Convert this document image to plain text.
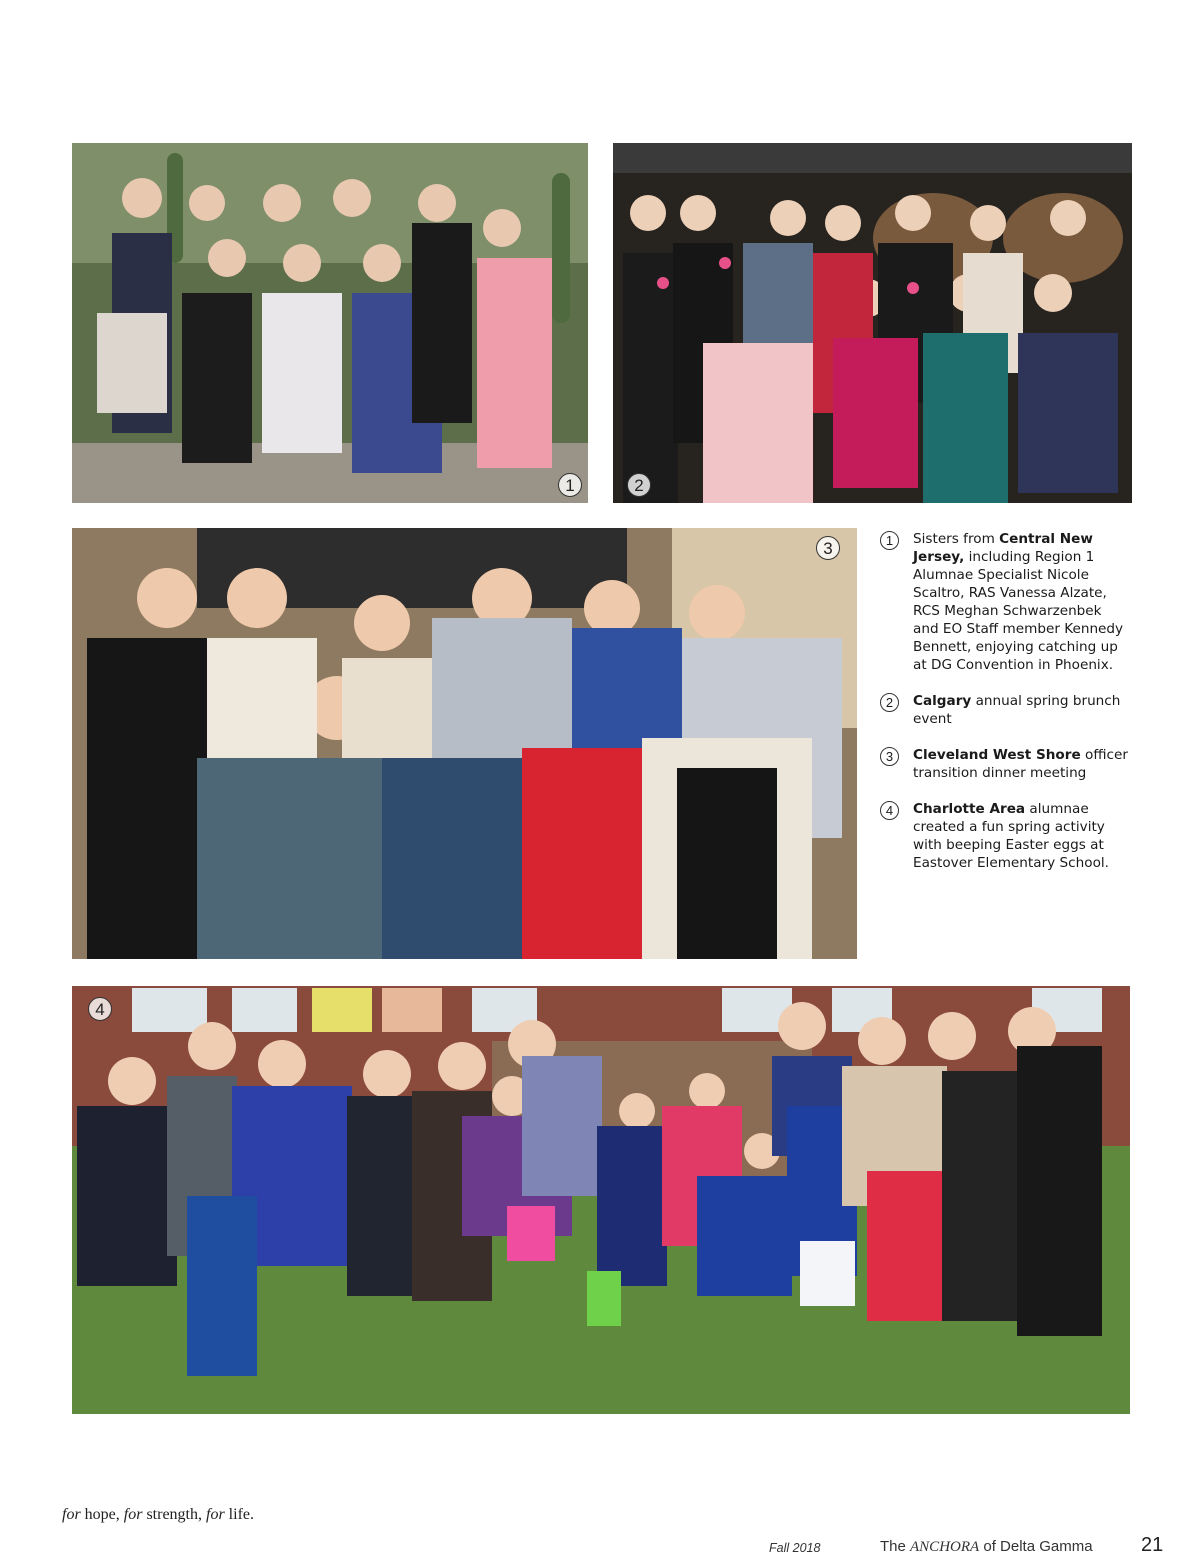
1	2
3
4
1	Sisters from Central New Jersey, including Region 1 Alumnae Specialist Nicole Scaltro, RAS Vanessa Alzate, RCS Meghan Schwarzenbek and EO Staff member Kennedy Bennett, enjoying catching up at DG Convention in Phoenix.
2	Calgary annual spring brunch event
3	Cleveland West Shore officer transition dinner meeting
4	Charlotte Area alumnae created a fun spring activity with beeping Easter eggs at Eastover Elementary School.
for hope, for strength, for life.
Fall 2018	The ANCHORA of Delta Gamma 21
